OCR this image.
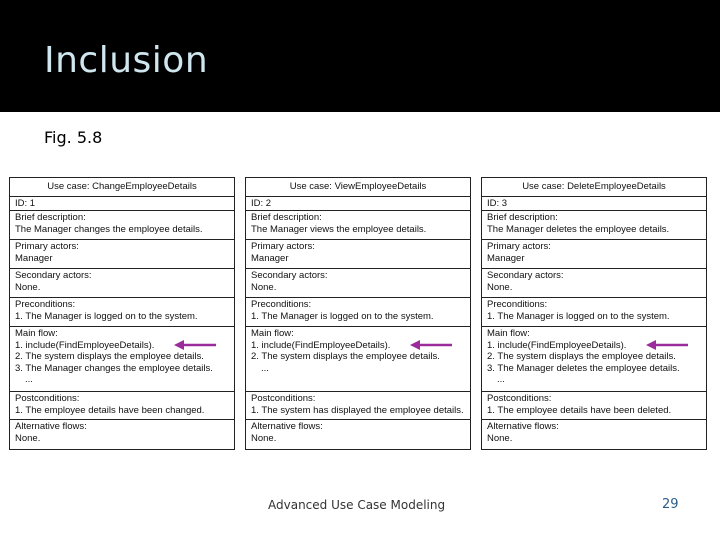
Inclusion
Fig. 5.8
Use case: ChangeEmployeeDetails
ID: 1
Brief description:
The Manager changes the employee details.
Primary actors:
Manager
Secondary actors:
None.
Preconditions:
1. The Manager is logged on to the system.
Main flow:
1. include(FindEmployeeDetails).
2. The system displays the employee details.
3. The Manager changes the employee details.
...
Postconditions:
1. The employee details have been changed.
Alternative flows:
None.
Use case: ViewEmployeeDetails
ID: 2
Brief description:
The Manager views the employee details.
Primary actors:
Manager
Secondary actors:
None.
Preconditions:
1. The Manager is logged on to the system.
Main flow:
1. include(FindEmployeeDetails).
2. The system displays the employee details.
...
Postconditions:
1. The system has displayed the employee details.
Alternative flows:
None.
Use case: DeleteEmployeeDetails
ID: 3
Brief description:
The Manager deletes the employee details.
Primary actors:
Manager
Secondary actors:
None.
Preconditions:
1. The Manager is logged on to the system.
Main flow:
1. include(FindEmployeeDetails).
2. The system displays the employee details.
3. The Manager deletes the employee details.
...
Postconditions:
1. The employee details have been deleted.
Alternative flows:
None.
Advanced Use Case Modeling	29
